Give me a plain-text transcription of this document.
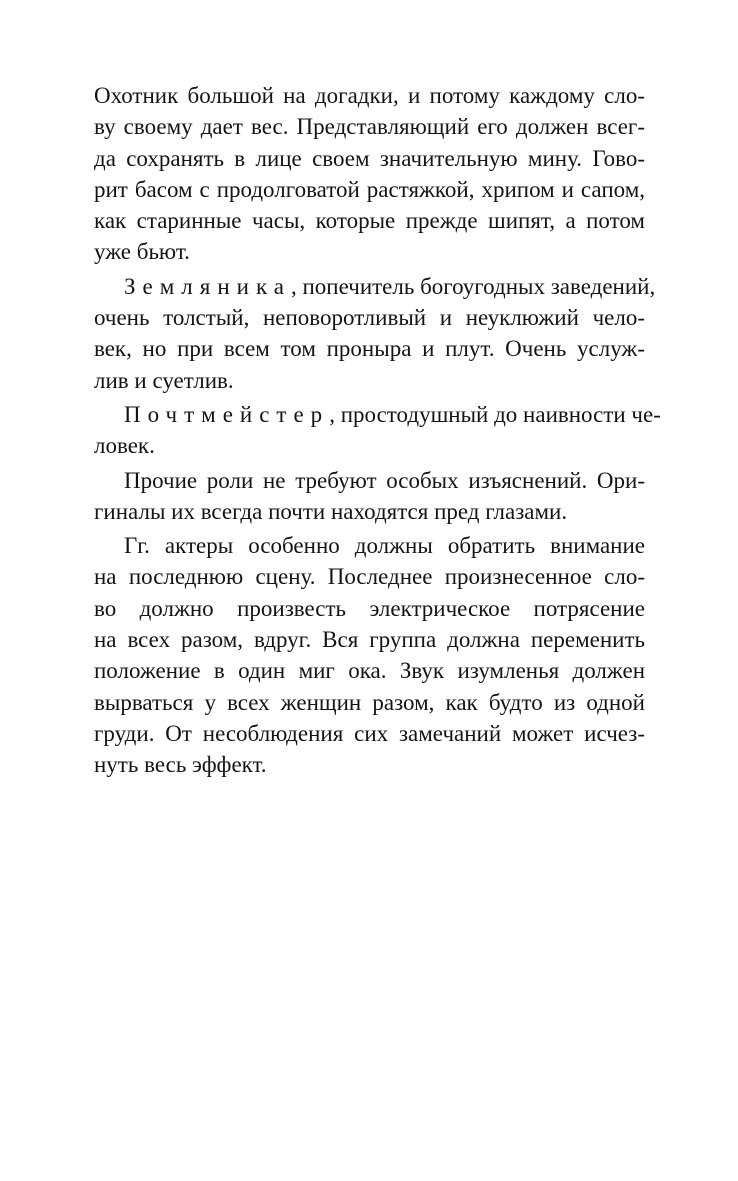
Охотник большой на догадки, и потому каждому сло-
ву своему дает вес. Представляющий его должен всег-
да сохранять в лице своем значительную мину. Гово-
рит басом с продолговатой растяжкой, хрипом и сапом,
как старинные часы, которые прежде шипят, а потом
уже бьют.
Земляника, попечитель богоугодных заведений,
очень толстый, неповоротливый и неуклюжий чело-
век, но при всем том пронырa и плут. Очень услуж-
лив и суетлив.
Почтмейстер, простодушный до наивности че-
ловек.
Прочие роли не требуют особых изъяснений. Ори-
гиналы их всегда почти находятся пред глазами.
Гг. актеры особенно должны обратить внимание
на последнюю сцену. Последнее произнесенное сло-
во должно произвесть электрическое потрясение
на всех разом, вдруг. Вся группа должна переменить
положение в один миг ока. Звук изумленья должен
вырваться у всех женщин разом, как будто из одной
груди. От несоблюдения сих замечаний может исчез-
нуть весь эффект.
